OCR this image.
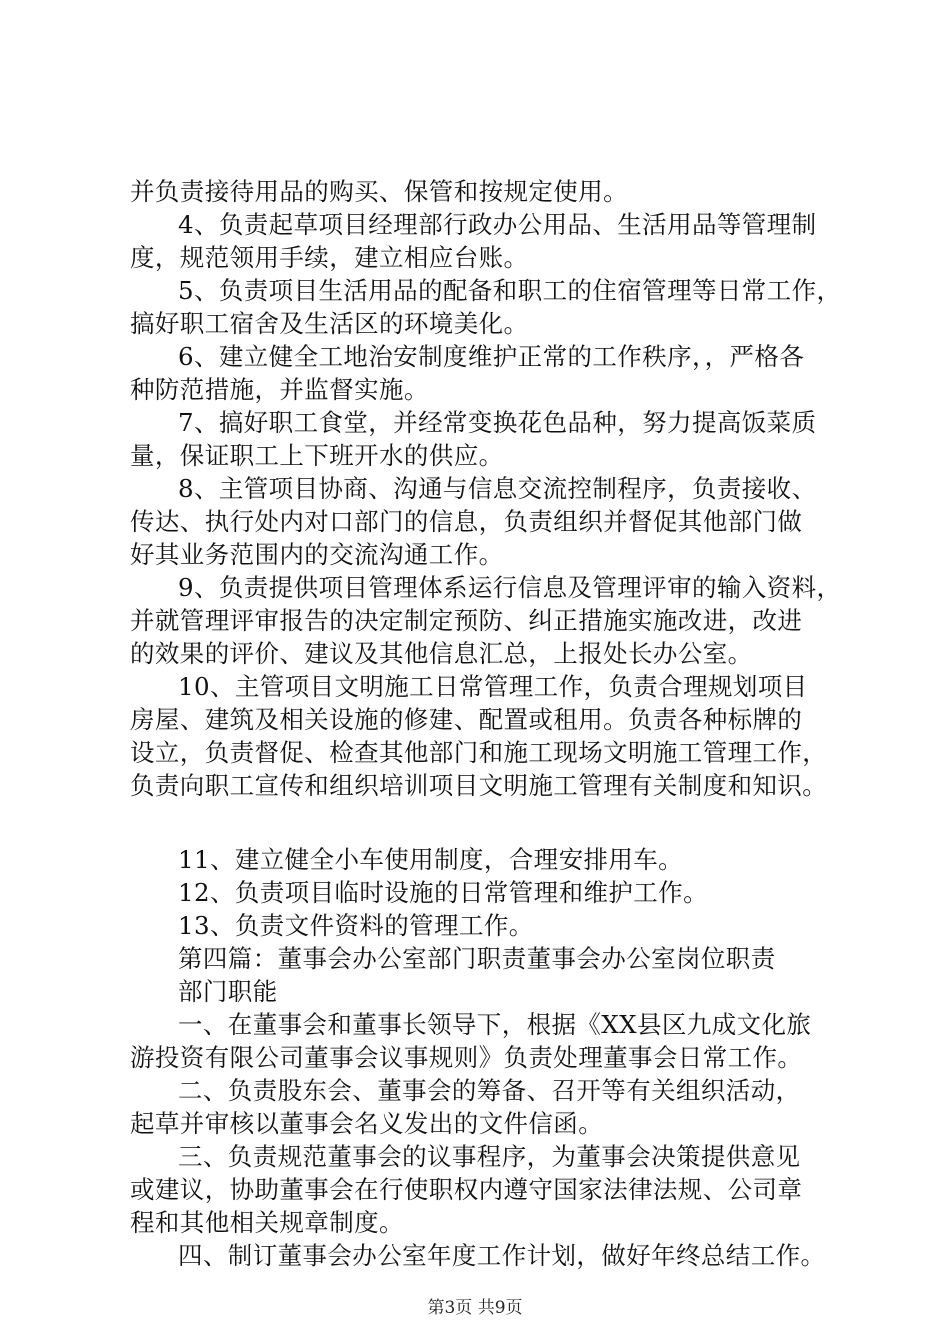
并负责接待用品的购买、保管和按规定使用。
4、负责起草项目经理部行政办公用品、生活用品等管理制
度，规范领用手续，建立相应台账。
5、负责项目生活用品的配备和职工的住宿管理等日常工作，
搞好职工宿舍及生活区的环境美化。
6、建立健全工地治安制度维护正常的工作秩序，，严格各
种防范措施，并监督实施。
7、搞好职工食堂，并经常变换花色品种，努力提高饭菜质
量，保证职工上下班开水的供应。
8、主管项目协商、沟通与信息交流控制程序，负责接收、
传达、执行处内对口部门的信息，负责组织并督促其他部门做
好其业务范围内的交流沟通工作。
9、负责提供项目管理体系运行信息及管理评审的输入资料，
并就管理评审报告的决定制定预防、纠正措施实施改进，改进
的效果的评价、建议及其他信息汇总，上报处长办公室。
10、主管项目文明施工日常管理工作，负责合理规划项目
房屋、建筑及相关设施的修建、配置或租用。负责各种标牌的
设立，负责督促、检查其他部门和施工现场文明施工管理工作，
负责向职工宣传和组织培训项目文明施工管理有关制度和知识。
11、建立健全小车使用制度，合理安排用车。
12、负责项目临时设施的日常管理和维护工作。
13、负责文件资料的管理工作。
第四篇：董事会办公室部门职责董事会办公室岗位职责
部门职能
一、在董事会和董事长领导下，根据《XX县区九成文化旅
游投资有限公司董事会议事规则》负责处理董事会日常工作。
二、负责股东会、董事会的筹备、召开等有关组织活动，
起草并审核以董事会名义发出的文件信函。
三、负责规范董事会的议事程序，为董事会决策提供意见
或建议，协助董事会在行使职权内遵守国家法律法规、公司章
程和其他相关规章制度。
四、制订董事会办公室年度工作计划，做好年终总结工作。
第3页 共9页
